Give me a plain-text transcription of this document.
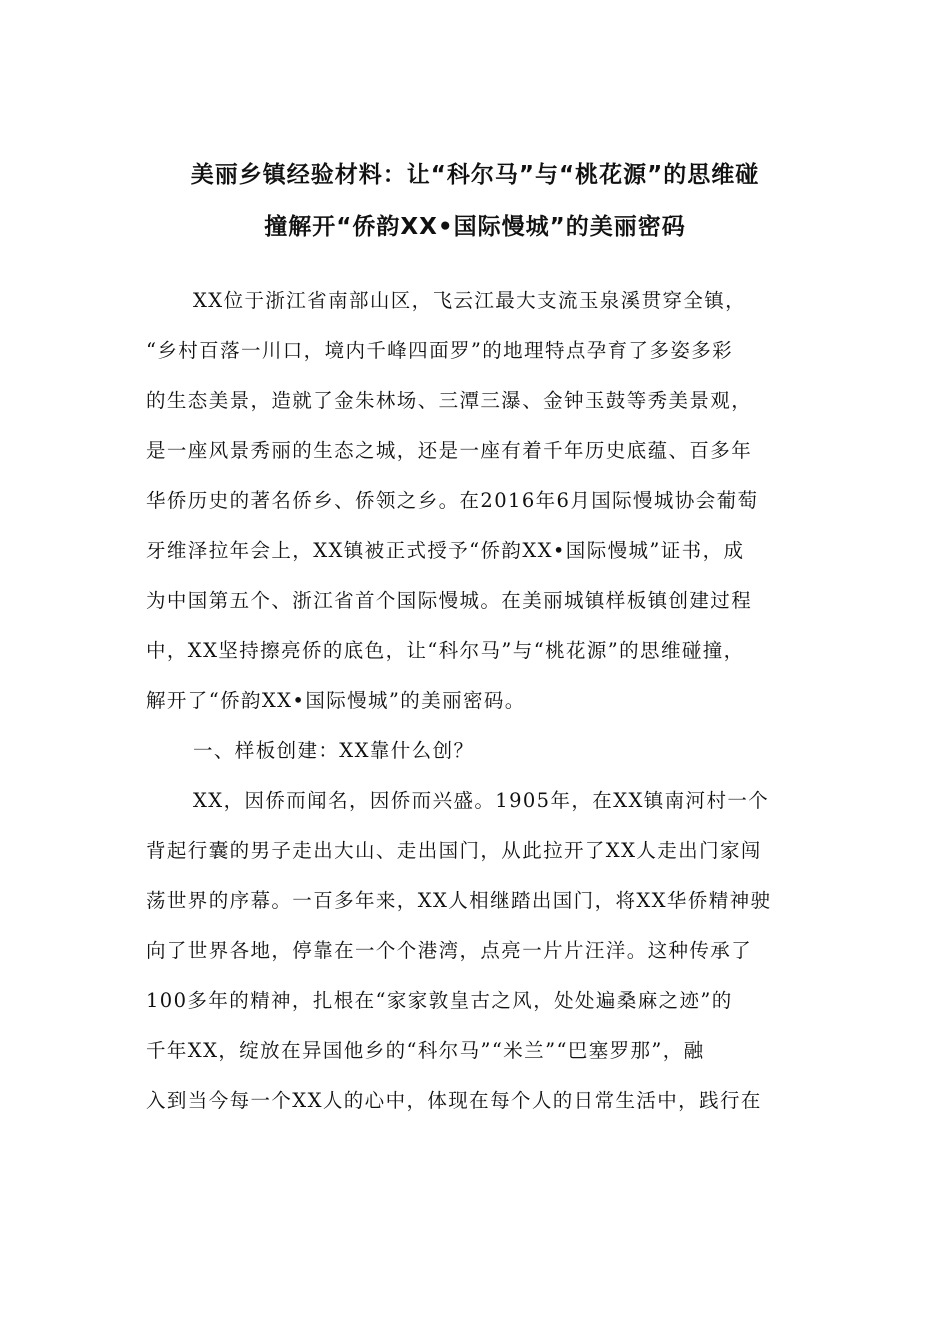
美丽乡镇经验材料：让“科尔马”与“桃花源”的思维碰
撞解开“侨韵XX•国际慢城”的美丽密码
XX位于浙江省南部山区，飞云江最大支流玉泉溪贯穿全镇，
“乡村百落一川口，境内千峰四面罗”的地理特点孕育了多姿多彩
的生态美景，造就了金朱林场、三潭三瀑、金钟玉鼓等秀美景观，
是一座风景秀丽的生态之城，还是一座有着千年历史底蕴、百多年
华侨历史的著名侨乡、侨领之乡。在2016年6月国际慢城协会葡萄
牙维泽拉年会上，XX镇被正式授予“侨韵XX•国际慢城”证书，成
为中国第五个、浙江省首个国际慢城。在美丽城镇样板镇创建过程
中，XX坚持擦亮侨的底色，让“科尔马”与“桃花源”的思维碰撞，
解开了“侨韵XX•国际慢城”的美丽密码。
一、样板创建：XX靠什么创？
XX，因侨而闻名，因侨而兴盛。1905年，在XX镇南河村一个
背起行囊的男子走出大山、走出国门，从此拉开了XX人走出门家闯
荡世界的序幕。一百多年来，XX人相继踏出国门，将XX华侨精神驶
向了世界各地，停靠在一个个港湾，点亮一片片汪洋。这种传承了
100多年的精神，扎根在“家家敦皇古之风，处处遍桑麻之迹”的
千年XX，绽放在异国他乡的“科尔马”“米兰”“巴塞罗那”，融
入到当今每一个XX人的心中，体现在每个人的日常生活中，践行在
